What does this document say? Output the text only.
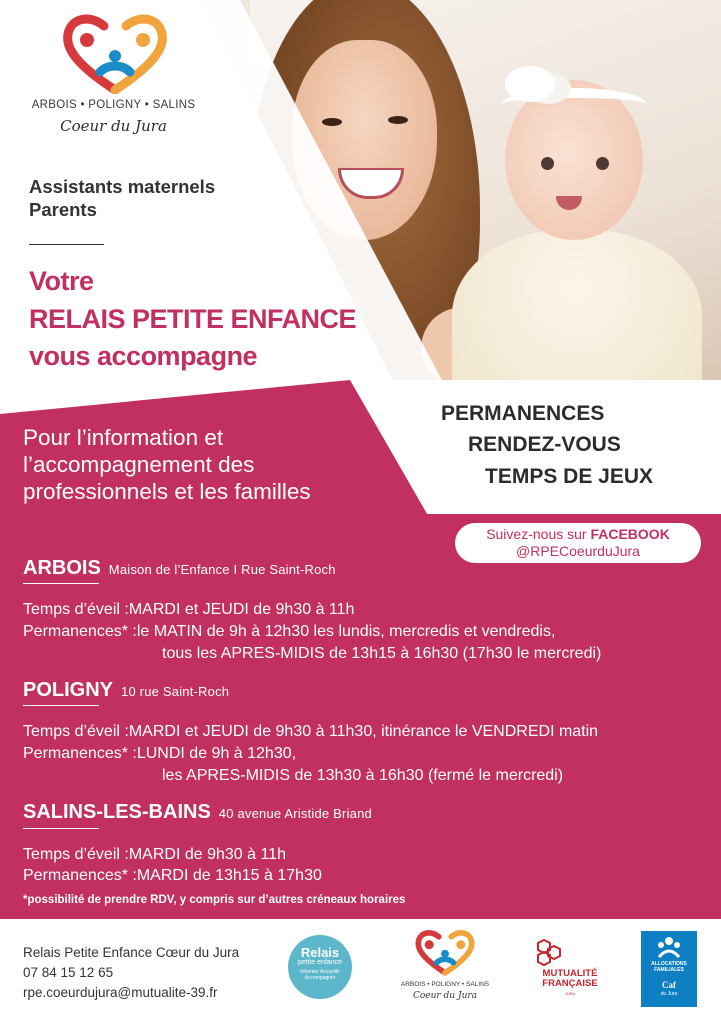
ARBOIS • POLIGNY • SALINS
Coeur du Jura
Assistants maternels
Parents
Votre
RELAIS PETITE ENFANCE
vous accompagne
Pour l’information et
l’accompagnement des
professionnels et les familles
PERMANENCES
RENDEZ-VOUS
TEMPS DE JEUX
Suivez-nous sur FACEBOOK
@RPECoeurduJura
ARBOIS Maison de l’Enfance I Rue Saint-Roch
Temps d’éveil :MARDI et JEUDI de 9h30 à 11h
Permanences* :le MATIN de 9h à 12h30 les lundis, mercredis et vendredis,
tous les APRES-MIDIS de 13h15 à 16h30 (17h30 le mercredi)
POLIGNY 10 rue Saint-Roch
Temps d’éveil :MARDI et JEUDI de 9h30 à 11h30, itinérance le VENDREDI matin
Permanences* :LUNDI de 9h à 12h30,
les APRES-MIDIS de 13h30 à 16h30 (fermé le mercredi)
SALINS-LES-BAINS 40 avenue Aristide Briand
Temps d’éveil :MARDI de 9h30 à 11h
Permanences* :MARDI de 13h15 à 17h30
*possibilité de prendre RDV, y compris sur d’autres créneaux horaires
Relais Petite Enfance Cœur du Jura
07 84 15 12 65
rpe.coeurdujura@mutualite-39.fr
Relais
petite enfance
Informer Accueillir Accompagner
ARBOIS • POLIGNY • SALINS
Coeur du Jura
MUTUALITÉ FRANÇAISE
JURA
ALLOCATIONS FAMILIALES
Caf
du Jura
